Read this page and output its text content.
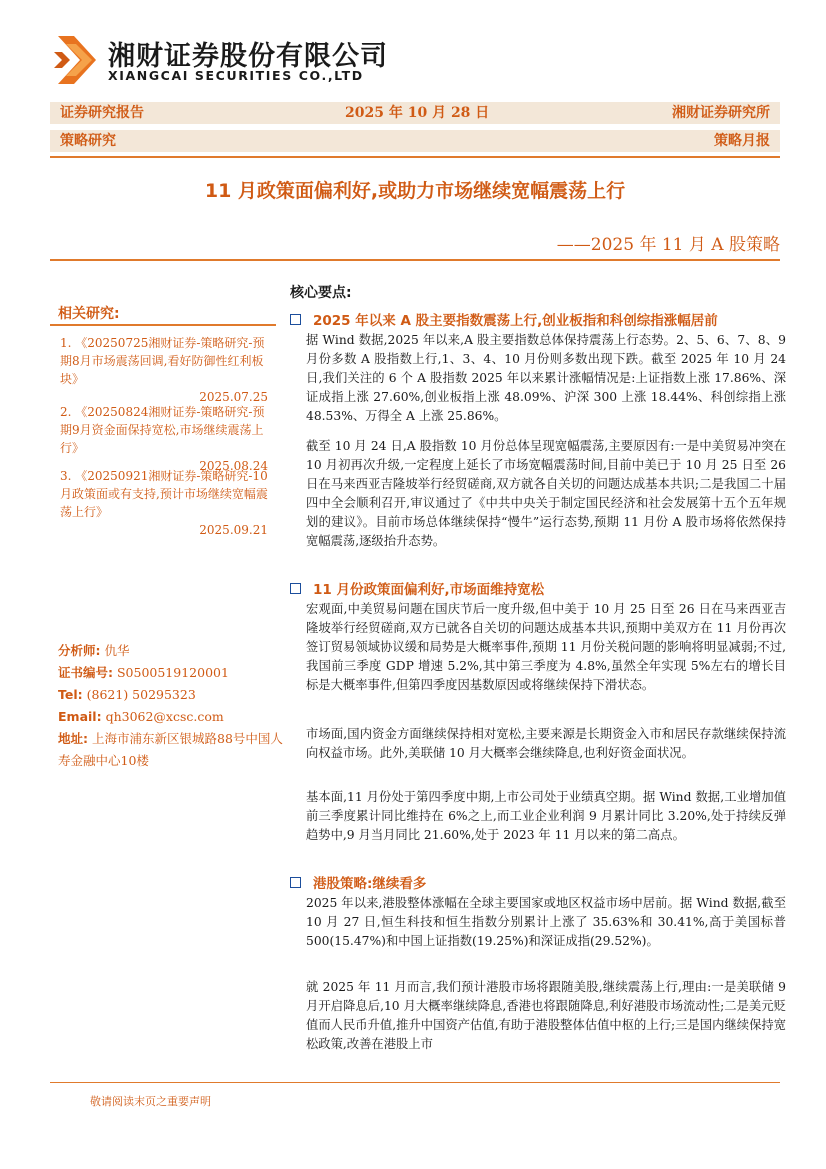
湘财证券股份有限公司
XIANGCAI SECURITIES CO.,LTD
证券研究报告	2025 年 10 月 28 日	湘财证券研究所
策略研究	策略月报
11 月政策面偏利好,或助力市场继续宽幅震荡上行
——2025 年 11 月 A 股策略
相关研究:
1. 《20250725湘财证券-策略研究-预期8月市场震荡回调,看好防御性红利板块》
2025.07.25
2. 《20250824湘财证券-策略研究-预期9月资金面保持宽松,市场继续震荡上行》
2025.08.24
3. 《20250921湘财证券-策略研究-10月政策面或有支持,预计市场继续宽幅震荡上行》
2025.09.21
分析师: 仇华
证书编号: S0500519120001
Tel: (8621) 50295323
Email: qh3062@xcsc.com
地址: 上海市浦东新区银城路88号中国人寿金融中心10楼
核心要点:
2025 年以来 A 股主要指数震荡上行,创业板指和科创综指涨幅居前

据 Wind 数据,2025 年以来,A 股主要指数总体保持震荡上行态势。2、5、6、7、8、9 月份多数 A 股指数上行,1、3、4、10 月份则多数出现下跌。截至 2025 年 10 月 24 日,我们关注的 6 个 A 股指数 2025 年以来累计涨幅情况是:上证指数上涨 17.86%、深证成指上涨 27.60%,创业板指上涨 48.09%、沪深 300 上涨 18.44%、科创综指上涨 48.53%、万得全 A 上涨 25.86%。

截至 10 月 24 日,A 股指数 10 月份总体呈现宽幅震荡,主要原因有:一是中美贸易冲突在 10 月初再次升级,一定程度上延长了市场宽幅震荡时间,目前中美已于 10 月 25 日至 26 日在马来西亚吉隆坡举行经贸磋商,双方就各自关切的问题达成基本共识;二是我国二十届四中全会顺利召开,审议通过了《中共中央关于制定国民经济和社会发展第十五个五年规划的建议》。目前市场总体继续保持“慢牛”运行态势,预期 11 月份 A 股市场将依然保持宽幅震荡,逐级抬升态势。

11 月份政策面偏利好,市场面维持宽松

宏观面,中美贸易问题在国庆节后一度升级,但中美于 10 月 25 日至 26 日在马来西亚吉隆坡举行经贸磋商,双方已就各自关切的问题达成基本共识,预期中美双方在 11 月份再次签订贸易领域协议缓和局势是大概率事件,预期 11 月份关税问题的影响将明显减弱;不过,我国前三季度 GDP 增速 5.2%,其中第三季度为 4.8%,虽然全年实现 5%左右的增长目标是大概率事件,但第四季度因基数原因或将继续保持下滑状态。

市场面,国内资金方面继续保持相对宽松,主要来源是长期资金入市和居民存款继续保持流向权益市场。此外,美联储 10 月大概率会继续降息,也利好资金面状况。

基本面,11 月份处于第四季度中期,上市公司处于业绩真空期。据 Wind 数据,工业增加值前三季度累计同比维持在 6%之上,而工业企业利润 9 月累计同比 3.20%,处于持续反弹趋势中,9 月当月同比 21.60%,处于 2023 年 11 月以来的第二高点。

港股策略:继续看多

2025 年以来,港股整体涨幅在全球主要国家或地区权益市场中居前。据 Wind 数据,截至 10 月 27 日,恒生科技和恒生指数分别累计上涨了 35.63%和 30.41%,高于美国标普 500(15.47%)和中国上证指数(19.25%)和深证成指(29.52%)。

就 2025 年 11 月而言,我们预计港股市场将跟随美股,继续震荡上行,理由:一是美联储 9 月开启降息后,10 月大概率继续降息,香港也将跟随降息,利好港股市场流动性;二是美元贬值而人民币升值,推升中国资产估值,有助于港股整体估值中枢的上行;三是国内继续保持宽松政策,改善在港股上市

敬请阅读末页之重要声明
